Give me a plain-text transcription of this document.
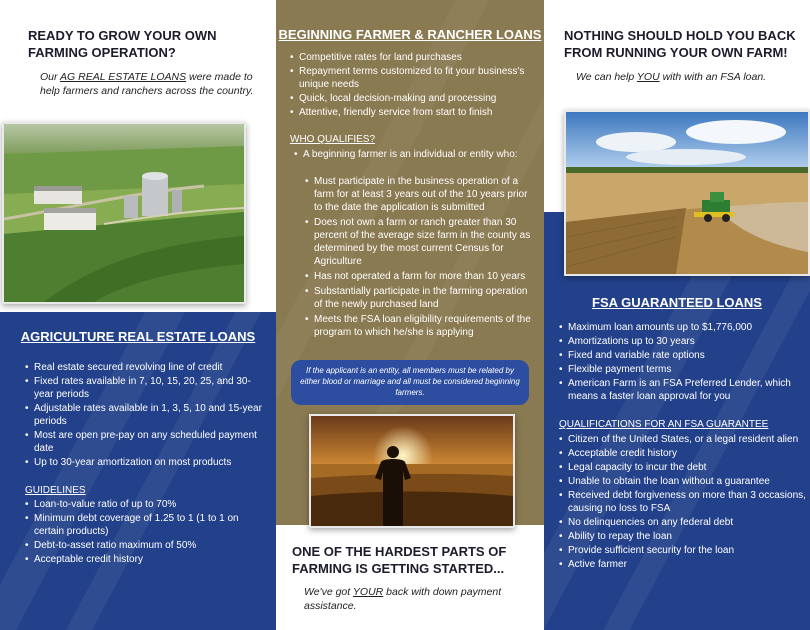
READY TO GROW YOUR OWN FARMING OPERATION?

Our AG REAL ESTATE LOANS were made to help farmers and ranchers across the country.

AGRICULTURE REAL ESTATE LOANS
• Real estate secured revolving line of credit
• Fixed rates available in 7, 10, 15, 20, 25, and 30-year periods
• Adjustable rates available in 1, 3, 5, 10 and 15-year periods
• Most are open pre-pay on any scheduled payment date
• Up to 30-year amortization on most products
GUIDELINES
• Loan-to-value ratio of up to 70%
• Minimum debt coverage of 1.25 to 1 (1 to 1 on certain products)
• Debt-to-asset ratio maximum of 50%
• Acceptable credit history
BEGINNING FARMER & RANCHER LOANS
• Competitive rates for land purchases
• Repayment terms customized to fit your business's unique needs
• Quick, local decision-making and processing
• Attentive, friendly service from start to finish
WHO QUALIFIES?
• A beginning farmer is an individual or entity who:
• Must participate in the business operation of a farm for at least 3 years out of the 10 years prior to the date the application is submitted
• Does not own a farm or ranch greater than 30 percent of the average size farm in the county as determined by the most current Census for Agriculture
• Has not operated a farm for more than 10 years
• Substantially participate in the farming operation of the newly purchased land
• Meets the FSA loan eligibility requirements of the program to which he/she is applying

If the applicant is an entity, all members must be related by either blood or marriage and all must be considered beginning farmers.

ONE OF THE HARDEST PARTS OF FARMING IS GETTING STARTED...

We've got YOUR back with down payment assistance.

NOTHING SHOULD HOLD YOU BACK FROM RUNNING YOUR OWN FARM!

We can help YOU with with an FSA loan.

FSA GUARANTEED LOANS
• Maximum loan amounts up to $1,776,000
• Amortizations up to 30 years
• Fixed and variable rate options
• Flexible payment terms
• American Farm is an FSA Preferred Lender, which means a faster loan approval for you
QUALIFICATIONS FOR AN FSA GUARANTEE
• Citizen of the United States, or a legal resident alien
• Acceptable credit history
• Legal capacity to incur the debt
• Unable to obtain the loan without a guarantee
• Received debt forgiveness on more than 3 occasions, causing no loss to FSA
• No delinquencies on any federal debt
• Ability to repay the loan
• Provide sufficient security for the loan
• Active farmer
